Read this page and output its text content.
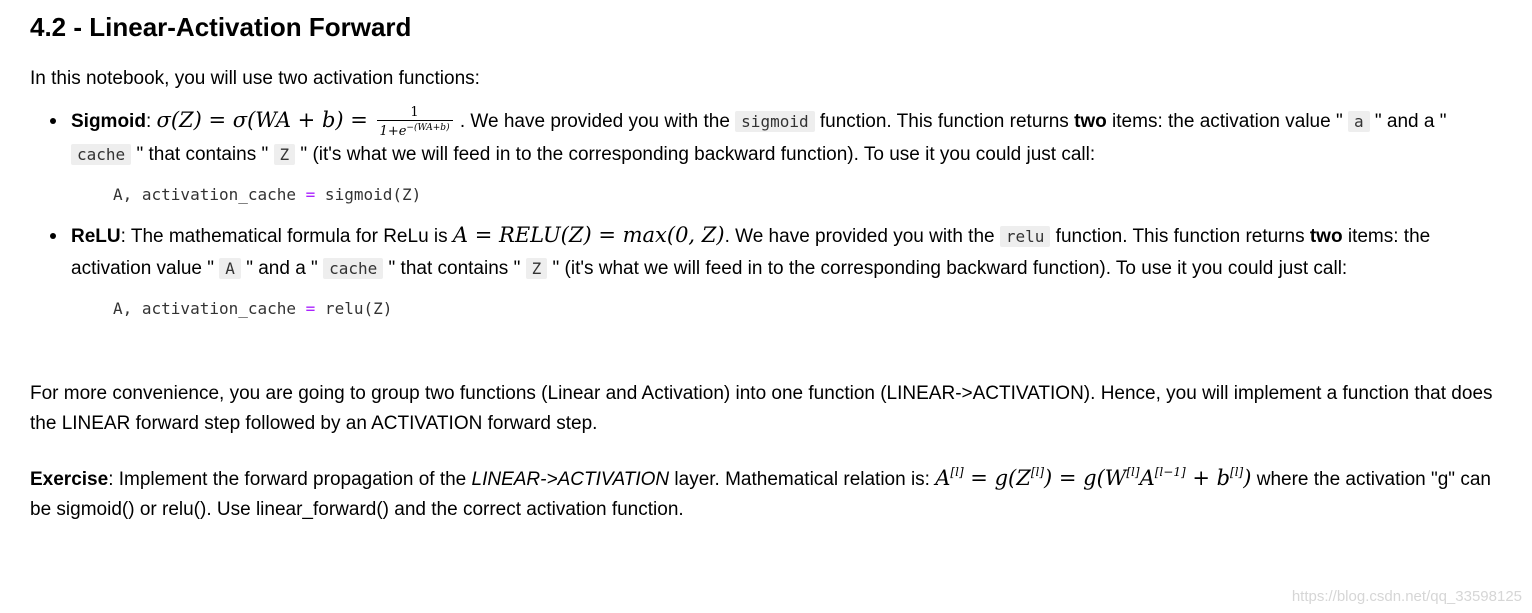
4.2 - Linear-Activation Forward

In this notebook, you will use two activation functions:

Sigmoid: $\sigma(Z) = \sigma(WA + b) = \frac{1}{1+e^{-(WA+b)}}$ . We have provided you with the sigmoid function. This function returns two items: the activation value " a " and a " cache " that contains " Z " (it's what we will feed in to the corresponding backward function). To use it you could just call:
A, activation_cache = sigmoid(Z)
ReLU: The mathematical formula for ReLu is A = RELU(Z) = max(0, Z). We have provided you with the relu function. This function returns two items: the activation value " A " and a " cache " that contains " Z " (it's what we will feed in to the corresponding backward function). To use it you could just call:
A, activation_cache = relu(Z)

For more convenience, you are going to group two functions (Linear and Activation) into one function (LINEAR->ACTIVATION). Hence, you will implement a function that does the LINEAR forward step followed by an ACTIVATION forward step.

Exercise: Implement the forward propagation of the LINEAR->ACTIVATION layer. Mathematical relation is: A[l] = g(Z[l]) = g(W[l]A[l−1] + b[l]) where the activation "g" can be sigmoid() or relu(). Use linear_forward() and the correct activation function.

https://blog.csdn.net/qq_33598125
